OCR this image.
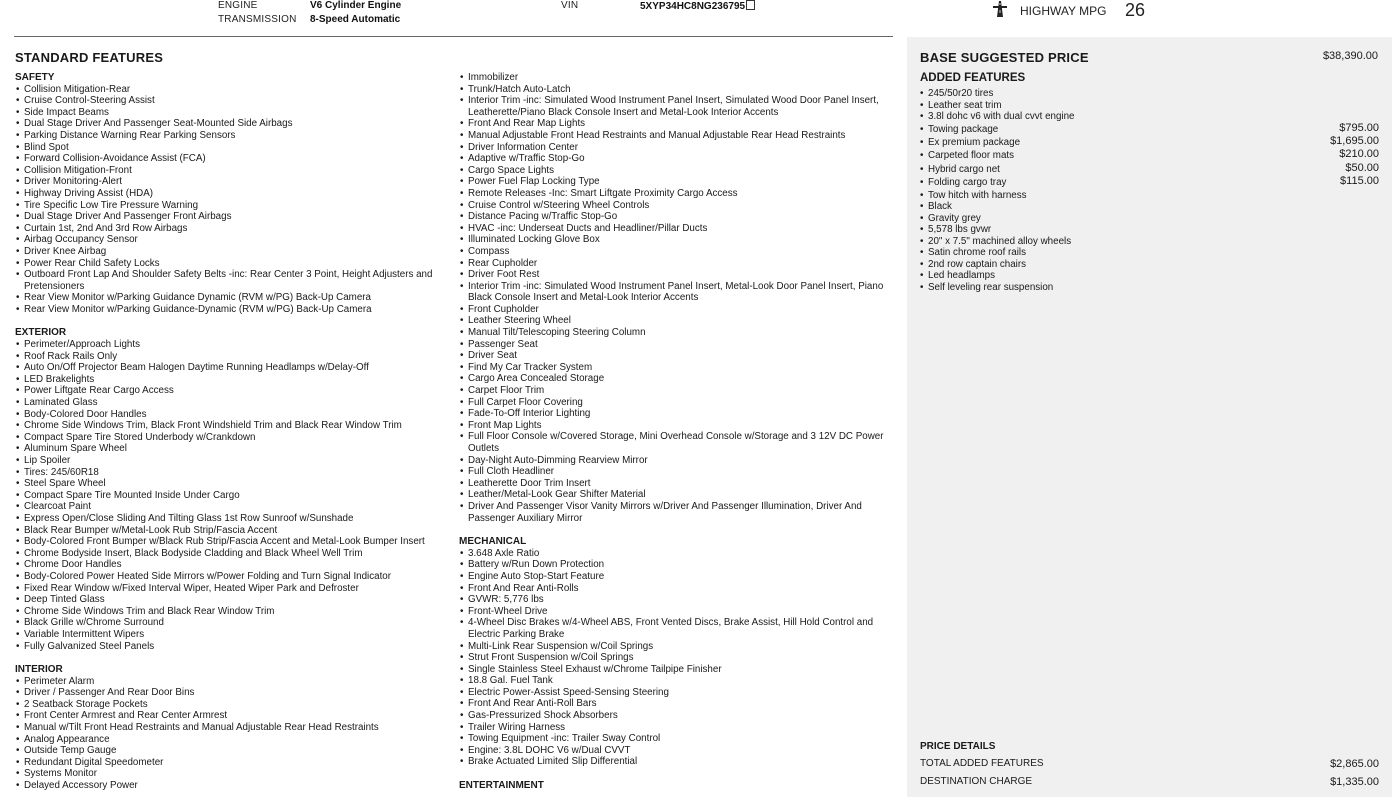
ENGINE	V6 Cylinder Engine
TRANSMISSION 8-Speed Automatic
VIN	5XYP34HC8NG236795	HIGHWAY MPG 26
STANDARD FEATURES
SAFETY
• Collision Mitigation-Rear
• Cruise Control-Steering Assist
• Side Impact Beams
• Dual Stage Driver And Passenger Seat-Mounted Side Airbags
• Parking Distance Warning Rear Parking Sensors
• Blind Spot
• Forward Collision-Avoidance Assist (FCA)
• Collision Mitigation-Front
• Driver Monitoring-Alert
• Highway Driving Assist (HDA)
• Tire Specific Low Tire Pressure Warning
• Dual Stage Driver And Passenger Front Airbags
• Curtain 1st, 2nd And 3rd Row Airbags
• Airbag Occupancy Sensor
• Driver Knee Airbag
• Power Rear Child Safety Locks
• Outboard Front Lap And Shoulder Safety Belts -inc: Rear Center 3 Point, Height Adjusters and Pretensioners
• Rear View Monitor w/Parking Guidance Dynamic (RVM w/PG) Back-Up Camera
• Rear View Monitor w/Parking Guidance-Dynamic (RVM w/PG) Back-Up Camera
EXTERIOR
• Perimeter/Approach Lights
• Roof Rack Rails Only
• Auto On/Off Projector Beam Halogen Daytime Running Headlamps w/Delay-Off
• LED Brakelights
• Power Liftgate Rear Cargo Access
• Laminated Glass
• Body-Colored Door Handles
• Chrome Side Windows Trim, Black Front Windshield Trim and Black Rear Window Trim
• Compact Spare Tire Stored Underbody w/Crankdown
• Aluminum Spare Wheel
• Lip Spoiler
• Tires: 245/60R18
• Steel Spare Wheel
• Compact Spare Tire Mounted Inside Under Cargo
• Clearcoat Paint
• Express Open/Close Sliding And Tilting Glass 1st Row Sunroof w/Sunshade
• Black Rear Bumper w/Metal-Look Rub Strip/Fascia Accent
• Body-Colored Front Bumper w/Black Rub Strip/Fascia Accent and Metal-Look Bumper Insert
• Chrome Bodyside Insert, Black Bodyside Cladding and Black Wheel Well Trim
• Chrome Door Handles
• Body-Colored Power Heated Side Mirrors w/Power Folding and Turn Signal Indicator
• Fixed Rear Window w/Fixed Interval Wiper, Heated Wiper Park and Defroster
• Deep Tinted Glass
• Chrome Side Windows Trim and Black Rear Window Trim
• Black Grille w/Chrome Surround
• Variable Intermittent Wipers
• Fully Galvanized Steel Panels
INTERIOR
• Perimeter Alarm
• Driver / Passenger And Rear Door Bins
• 2 Seatback Storage Pockets
• Front Center Armrest and Rear Center Armrest
• Manual w/Tilt Front Head Restraints and Manual Adjustable Rear Head Restraints
• Analog Appearance
• Outside Temp Gauge
• Redundant Digital Speedometer
• Systems Monitor
• Delayed Accessory Power
• Immobilizer
• Trunk/Hatch Auto-Latch
• Interior Trim -inc: Simulated Wood Instrument Panel Insert, Simulated Wood Door Panel Insert, Leatherette/Piano Black Console Insert and Metal-Look Interior Accents
• Front And Rear Map Lights
• Manual Adjustable Front Head Restraints and Manual Adjustable Rear Head Restraints
• Driver Information Center
• Adaptive w/Traffic Stop-Go
• Cargo Space Lights
• Power Fuel Flap Locking Type
• Remote Releases -Inc: Smart Liftgate Proximity Cargo Access
• Cruise Control w/Steering Wheel Controls
• Distance Pacing w/Traffic Stop-Go
• HVAC -inc: Underseat Ducts and Headliner/Pillar Ducts
• Illuminated Locking Glove Box
• Compass
• Rear Cupholder
• Driver Foot Rest
• Interior Trim -inc: Simulated Wood Instrument Panel Insert, Metal-Look Door Panel Insert, Piano Black Console Insert and Metal-Look Interior Accents
• Front Cupholder
• Leather Steering Wheel
• Manual Tilt/Telescoping Steering Column
• Passenger Seat
• Driver Seat
• Find My Car Tracker System
• Cargo Area Concealed Storage
• Carpet Floor Trim
• Full Carpet Floor Covering
• Fade-To-Off Interior Lighting
• Front Map Lights
• Full Floor Console w/Covered Storage, Mini Overhead Console w/Storage and 3 12V DC Power Outlets
• Day-Night Auto-Dimming Rearview Mirror
• Full Cloth Headliner
• Leatherette Door Trim Insert
• Leather/Metal-Look Gear Shifter Material
• Driver And Passenger Visor Vanity Mirrors w/Driver And Passenger Illumination, Driver And Passenger Auxiliary Mirror
MECHANICAL
• 3.648 Axle Ratio
• Battery w/Run Down Protection
• Engine Auto Stop-Start Feature
• Front And Rear Anti-Rolls
• GVWR: 5,776 lbs
• Front-Wheel Drive
• 4-Wheel Disc Brakes w/4-Wheel ABS, Front Vented Discs, Brake Assist, Hill Hold Control and Electric Parking Brake
• Multi-Link Rear Suspension w/Coil Springs
• Strut Front Suspension w/Coil Springs
• Single Stainless Steel Exhaust w/Chrome Tailpipe Finisher
• 18.8 Gal. Fuel Tank
• Electric Power-Assist Speed-Sensing Steering
• Front And Rear Anti-Roll Bars
• Gas-Pressurized Shock Absorbers
• Trailer Wiring Harness
• Towing Equipment -inc: Trailer Sway Control
• Engine: 3.8L DOHC V6 w/Dual CVVT
• Brake Actuated Limited Slip Differential
ENTERTAINMENT
BASE SUGGESTED PRICE	$38,390.00
ADDED FEATURES
• 245/50r20 tires
• Leather seat trim
• 3.8l dohc v6 with dual cvvt engine
• Towing package	$795.00
• Ex premium package	$1,695.00
• Carpeted floor mats	$210.00
• Hybrid cargo net	$50.00
• Folding cargo tray	$115.00
• Tow hitch with harness
• Black
• Gravity grey
• 5,578 lbs gvwr
• 20" x 7.5" machined alloy wheels
• Satin chrome roof rails
• 2nd row captain chairs
• Led headlamps
• Self leveling rear suspension
PRICE DETAILS
TOTAL ADDED FEATURES	$2,865.00
DESTINATION CHARGE	$1,335.00
